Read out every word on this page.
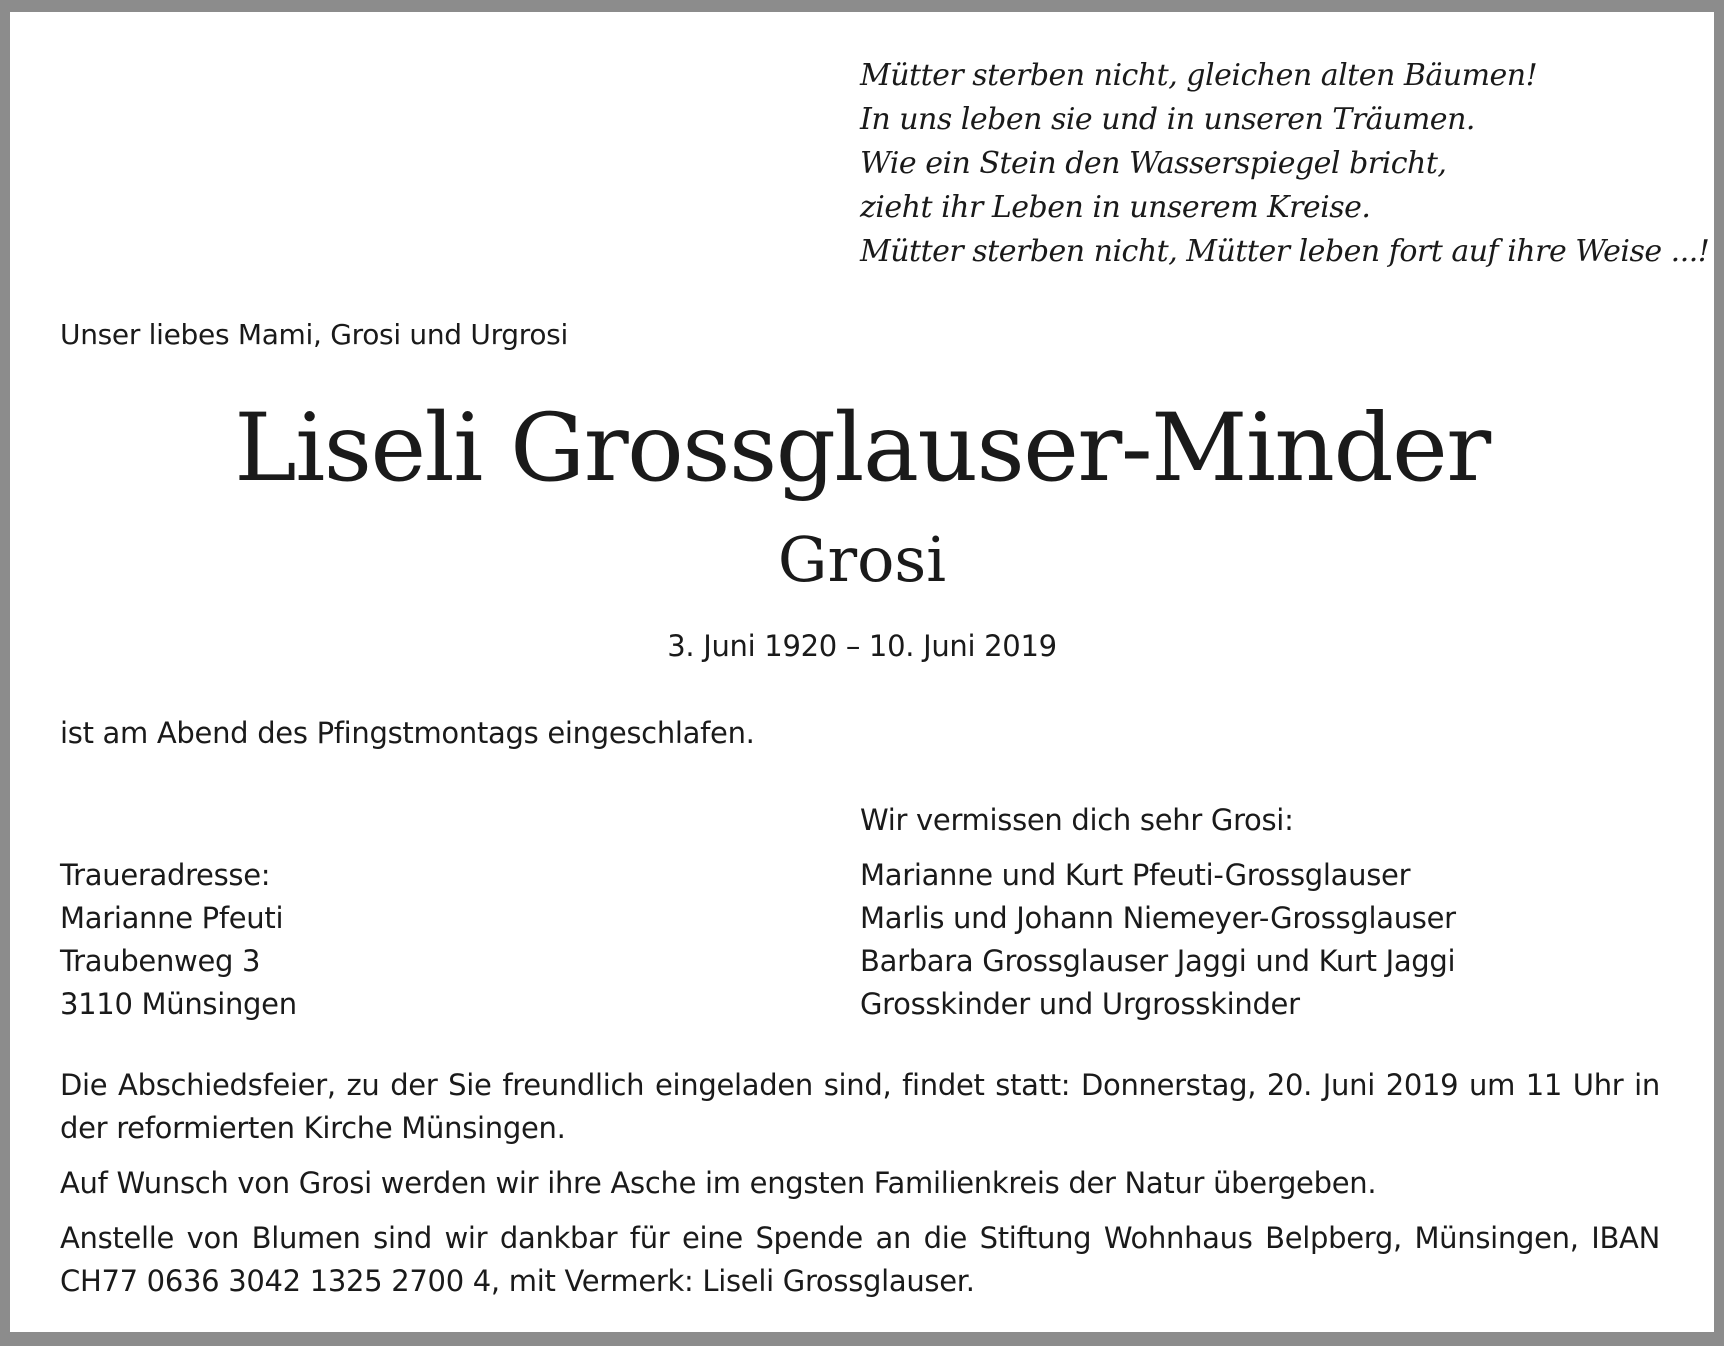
Mütter sterben nicht, gleichen alten Bäumen!
In uns leben sie und in unseren Träumen.
Wie ein Stein den Wasserspiegel bricht,
zieht ihr Leben in unserem Kreise.
Mütter sterben nicht, Mütter leben fort auf ihre Weise ...!
Unser liebes Mami, Grosi und Urgrosi
Liseli Grossglauser-Minder
Grosi
3. Juni 1920 – 10. Juni 2019
ist am Abend des Pfingstmontags eingeschlafen.
Wir vermissen dich sehr Grosi:
Traueradresse:
Marianne Pfeuti
Traubenweg 3
3110 Münsingen
Marianne und Kurt Pfeuti-Grossglauser
Marlis und Johann Niemeyer-Grossglauser
Barbara Grossglauser Jaggi und Kurt Jaggi
Grosskinder und Urgrosskinder
Die Abschiedsfeier, zu der Sie freundlich eingeladen sind, findet statt: Donnerstag, 20. Juni 2019 um 11 Uhr in der reformierten Kirche Münsingen.
Auf Wunsch von Grosi werden wir ihre Asche im engsten Familienkreis der Natur übergeben.
Anstelle von Blumen sind wir dankbar für eine Spende an die Stiftung Wohnhaus Belpberg, Münsingen, IBAN CH77 0636 3042 1325 2700 4, mit Vermerk: Liseli Grossglauser.
